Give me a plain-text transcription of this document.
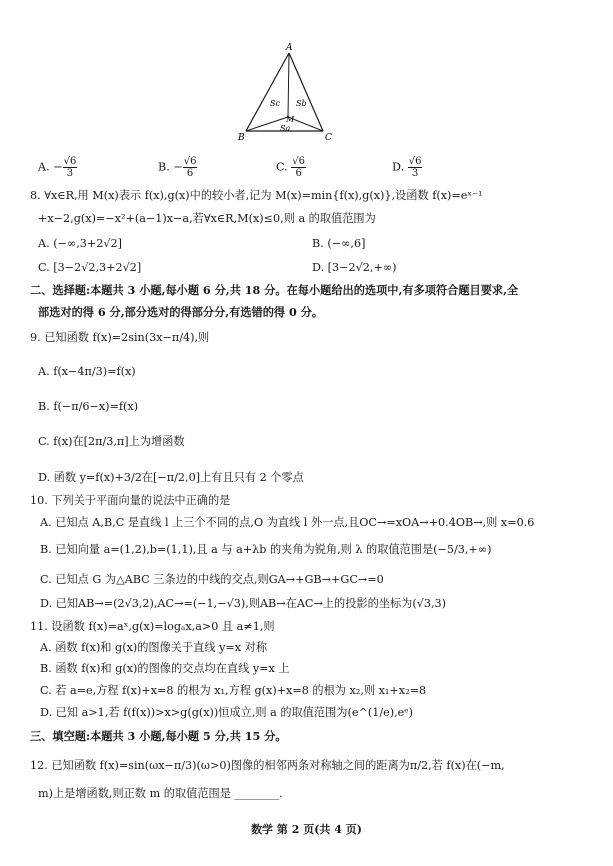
A
B	C
M
Sc Sb
Sa
A. − $\frac{√6}{3}$	B. − $\frac{√6}{6}$	C. $\frac{√6}{6}$	D. $\frac{√6}{3}$
8. ∀x∈R,用 M(x)表示 f(x),g(x)中的较小者,记为 M(x)=min{f(x),g(x)},设函数 f(x)=eˣ⁻¹
+x−2,g(x)=−x²+(a−1)x−a,若∀x∈R,M(x)≤0,则 a 的取值范围为
A. (−∞,3+2√2]	B. (−∞,6]
C. [3−2√2,3+2√2]	D. [3−2√2,+∞)
二、选择题:本题共 3 小题,每小题 6 分,共 18 分。在每小题给出的选项中,有多项符合题目要求,全
部选对的得 6 分,部分选对的得部分分,有选错的得 0 分。
9. 已知函数 f(x)=2sin(3x−π/4),则
A. f(x−4π/3)=f(x)
B. f(−π/6−x)=f(x)
C. f(x)在[2π/3,π]上为增函数
D. 函数 y=f(x)+3/2在[−π/2,0]上有且只有 2 个零点
10. 下列关于平面向量的说法中正确的是
A. 已知点 A,B,C 是直线 l 上三个不同的点,O 为直线 l 外一点,且OC→=xOA→+0.4OB→,则 x=0.6
B. 已知向量 a=(1,2),b=(1,1),且 a 与 a+λb 的夹角为锐角,则 λ 的取值范围是(−5/3,+∞)
C. 已知点 G 为△ABC 三条边的中线的交点,则GA→+GB→+GC→=0
D. 已知AB→=(2√3,2),AC→=(−1,−√3),则AB→在AC→上的投影的坐标为(√3,3)
11. 设函数 f(x)=aˣ,g(x)=logₐx,a>0 且 a≠1,则
A. 函数 f(x)和 g(x)的图像关于直线 y=x 对称
B. 函数 f(x)和 g(x)的图像的交点均在直线 y=x 上
C. 若 a=e,方程 f(x)+x=8 的根为 x₁,方程 g(x)+x=8 的根为 x₂,则 x₁+x₂=8
D. 已知 a>1,若 f(f(x))>x>g(g(x))恒成立,则 a 的取值范围为(e^(1/e),eᵉ)
三、填空题:本题共 3 小题,每小题 5 分,共 15 分。
12. 已知函数 f(x)=sin(ωx−π/3)(ω>0)图像的相邻两条对称轴之间的距离为π/2,若 f(x)在(−m,
m)上是增函数,则正数 m 的取值范围是 ________.
数学 第 2 页(共 4 页)
